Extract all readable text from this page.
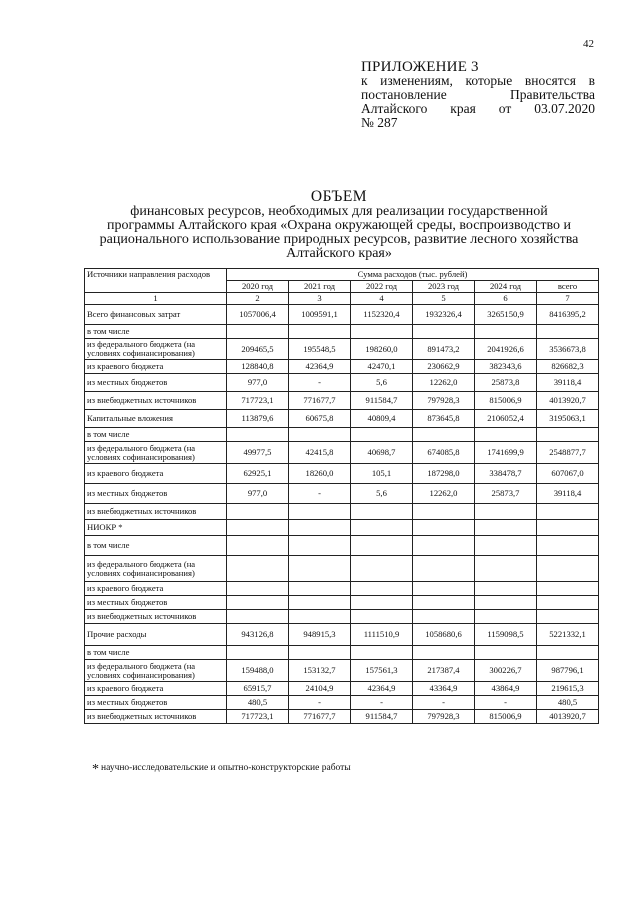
42
ПРИЛОЖЕНИЕ 3
к изменениям, которые вносятся в
постановление Правительства
Алтайского края от 03.07.2020
№ 287
ОБЪЕМ
финансовых ресурсов, необходимых для реализации государственной
программы Алтайского края «Охрана окружающей среды, воспроизводство и
рационального использование природных ресурсов, развитие лесного хозяйства
Алтайского края»
Источники направления расходов	Сумма расходов (тыс. рублей)					
	2020 год	2021 год	2022 год	2023 год	2024 год	всего
1	2	3	4	5	6	7
Всего финансовых затрат	1057006,4	1009591,1	1152320,4	1932326,4	3265150,9	8416395,2
в том числе						
из федерального бюджета (на условиях софинансирования)	209465,5	195548,5	198260,0	891473,2	2041926,6	3536673,8
из краевого бюджета	128840,8	42364,9	42470,1	230662,9	382343,6	826682,3
из местных бюджетов	977,0	-	5,6	12262,0	25873,8	39118,4
из внебюджетных источников	717723,1	771677,7	911584,7	797928,3	815006,9	4013920,7
Капитальные вложения	113879,6	60675,8	40809,4	873645,8	2106052,4	3195063,1
в том числе						
из федерального бюджета (на условиях софинансирования)	49977,5	42415,8	40698,7	674085,8	1741699,9	2548877,7
из краевого бюджета	62925,1	18260,0	105,1	187298,0	338478,7	607067,0
из местных бюджетов	977,0	-	5,6	12262,0	25873,7	39118,4
из внебюджетных источников						
НИОКР *						
в том числе						
из федерального бюджета (на условиях софинансирования)						
из краевого бюджета						
из местных бюджетов						
из внебюджетных источников						
Прочие расходы	943126,8	948915,3	1111510,9	1058680,6	1159098,5	5221332,1
в том числе						
из федерального бюджета (на условиях софинансирования)	159488,0	153132,7	157561,3	217387,4	300226,7	987796,1
из краевого бюджета	65915,7	24104,9	42364,9	43364,9	43864,9	219615,3
из местных бюджетов	480,5	-	-	-	-	480,5
из внебюджетных источников	717723,1	771677,7	911584,7	797928,3	815006,9	4013920,7
* научно-исследовательские и опытно-конструкторские работы
